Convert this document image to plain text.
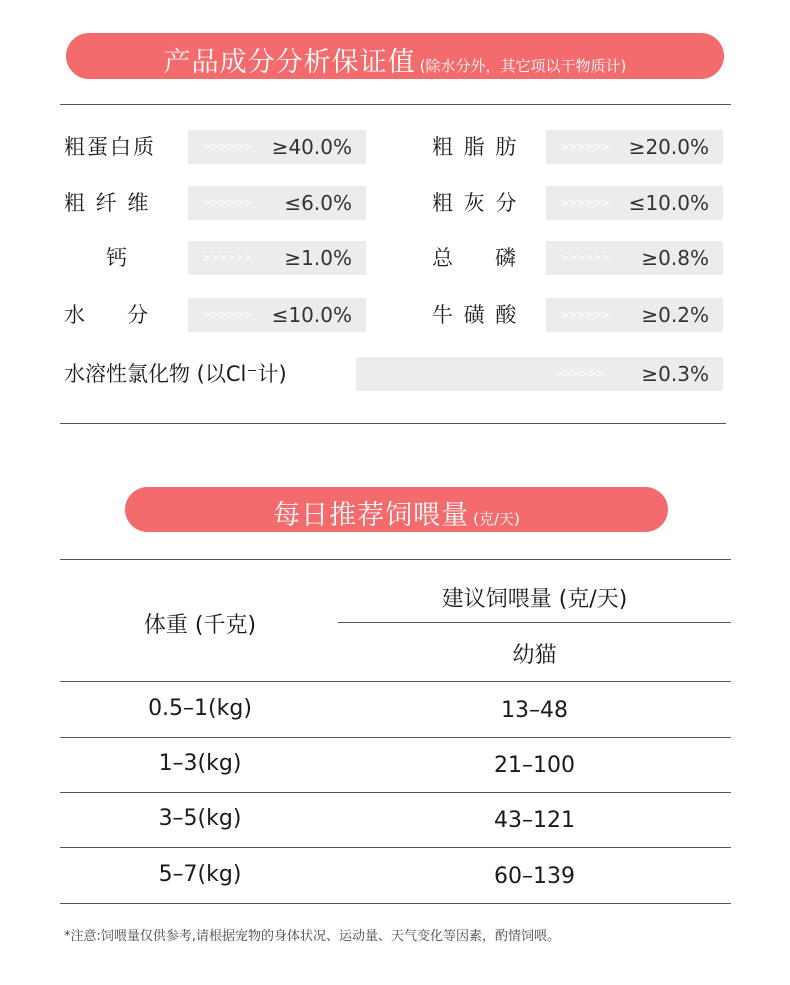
产品成分分析保证值 (除水分外，其它项以干物质计)
粗蛋白质	>>>>>> ≥40.0%	粗 脂 肪	>>>>>> ≥20.0%
粗 纤 维	>>>>>> ≤6.0%	粗 灰 分	>>>>>> ≤10.0%
钙	>>>>>> ≥1.0%	总　　磷	>>>>>> ≥0.8%
水　　分	>>>>>> ≤10.0%	牛 磺 酸	>>>>>> ≥0.2%
水溶性氯化物 (以Cl⁻计)	>>>>>> ≥0.3%
每日推荐饲喂量 (克/天)
体重 (千克)
建议饲喂量 (克/天)
幼猫
0.5–1(kg)	13–48
1–3(kg)	21–100
3–5(kg)	43–121
5–7(kg)	60–139
*注意:饲喂量仅供参考,请根据宠物的身体状况、运动量、天气变化等因素，酌情饲喂。
